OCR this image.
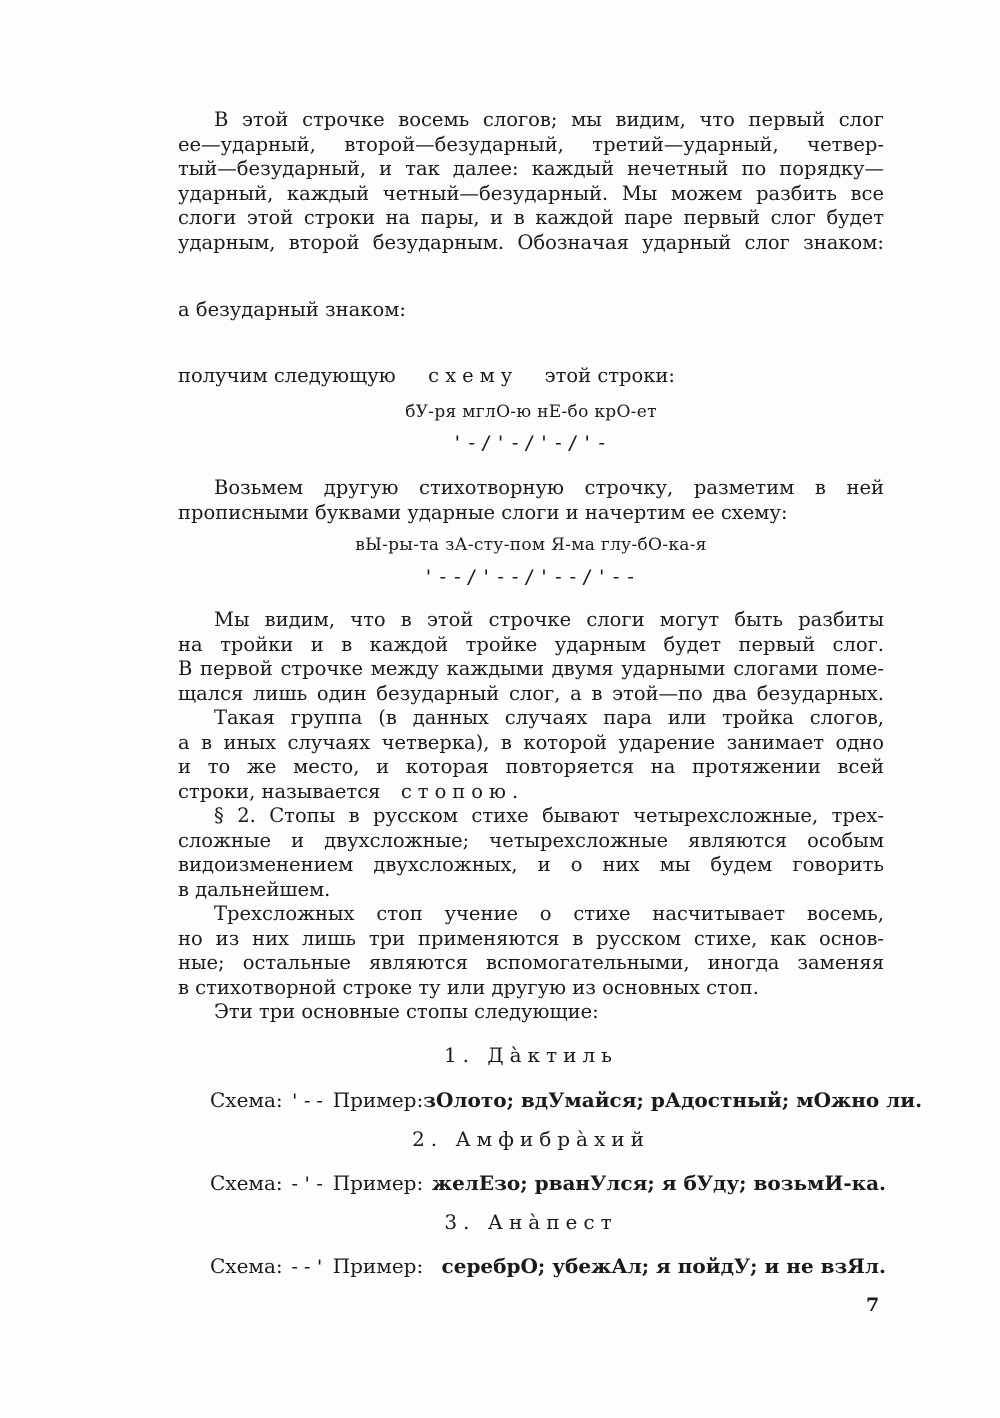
В этой строчке восемь слогов; мы видим, что первый слог
ее—ударный, второй—безударный, третий—ударный, четвер-
тый—безударный, и так далее: каждый нечетный по порядку—
ударный, каждый четный—безударный. Мы можем разбить все
слоги этой строки на пары, и в каждой паре первый слог будет
ударным, второй безударным. Обозначая ударный слог знаком:
а безударный знаком:
получим следующую схему этой строки:
бУ-ря мглО-ю нЕ-бо крО-ет
'-/'-/'-/'-
Возьмем другую стихотворную строчку, разметим в ней
прописными буквами ударные слоги и начертим ее схему:
вЫ-ры-та зА-сту-пом Я-ма глу-бО-ка-я
'--/'--/'--/'--
Мы видим, что в этой строчке слоги могут быть разбиты
на тройки и в каждой тройке ударным будет первый слог.
В первой строчке между каждыми двумя ударными слогами поме-
щался лишь один безударный слог, а в этой—по два безударных.
Такая группа (в данных случаях пара или тройка слогов,
а в иных случаях четверка), в которой ударение занимает одно
и то же место, и которая повторяется на протяжении всей
строки, называется стопою.
§ 2. Стопы в русском стихе бывают четырехсложные, трех-
сложные и двухсложные; четырехсложные являются особым
видоизменением двухсложных, и о них мы будем говорить
в дальнейшем.
Трехсложных стоп учение о стихе насчитывает восемь,
но из них лишь три применяются в русском стихе, как основ-
ные; остальные являются вспомогательными, иногда заменяя
в стихотворной строке ту или другую из основных стоп.
Эти три основные стопы следующие:
1. Дàктиль
Схема: '-- Пример: зОлото; вдУмайся; рАдостный; мОжно ли.
2. Амфибрàхий
Схема: -'- Пример: желЕзо; рванУлся; я бУду; возьмИ-ка.
3. Анàпест
Схема: --' Пример: серебрО; убежАл; я пойдУ; и не взЯл.
7
